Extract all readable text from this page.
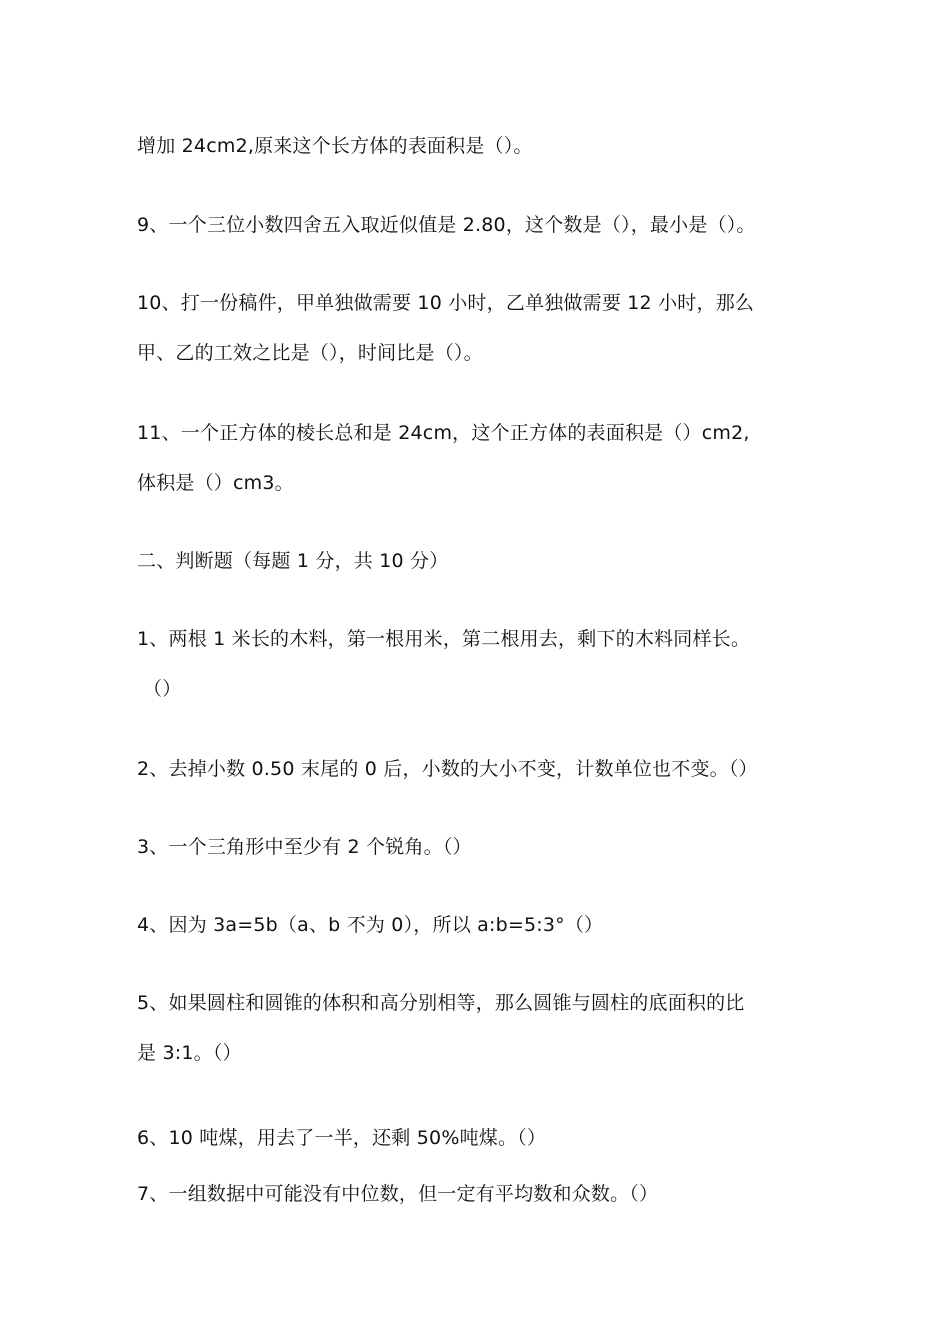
增加 24cm2,原来这个长方体的表面积是（）。
9、一个三位小数四舍五入取近似值是 2.80，这个数是（），最小是（）。
10、打一份稿件，甲单独做需要 10 小时，乙单独做需要 12 小时，那么
甲、乙的工效之比是（），时间比是（）。
11、一个正方体的棱长总和是 24cm，这个正方体的表面积是（）cm2,
体积是（）cm3。
二、判断题（每题 1 分，共 10 分）
1、两根 1 米长的木料，第一根用米，第二根用去，剩下的木料同样长。
（）
2、去掉小数 0.50 末尾的 0 后，小数的大小不变，计数单位也不变。（）
3、一个三角形中至少有 2 个锐角。（）
4、因为 3a=5b（a、b 不为 0），所以 a:b=5:3°（）
5、如果圆柱和圆锥的体积和高分别相等，那么圆锥与圆柱的底面积的比
是 3:1。（）
6、10 吨煤，用去了一半，还剩 50%吨煤。（）
7、一组数据中可能没有中位数，但一定有平均数和众数。（）
